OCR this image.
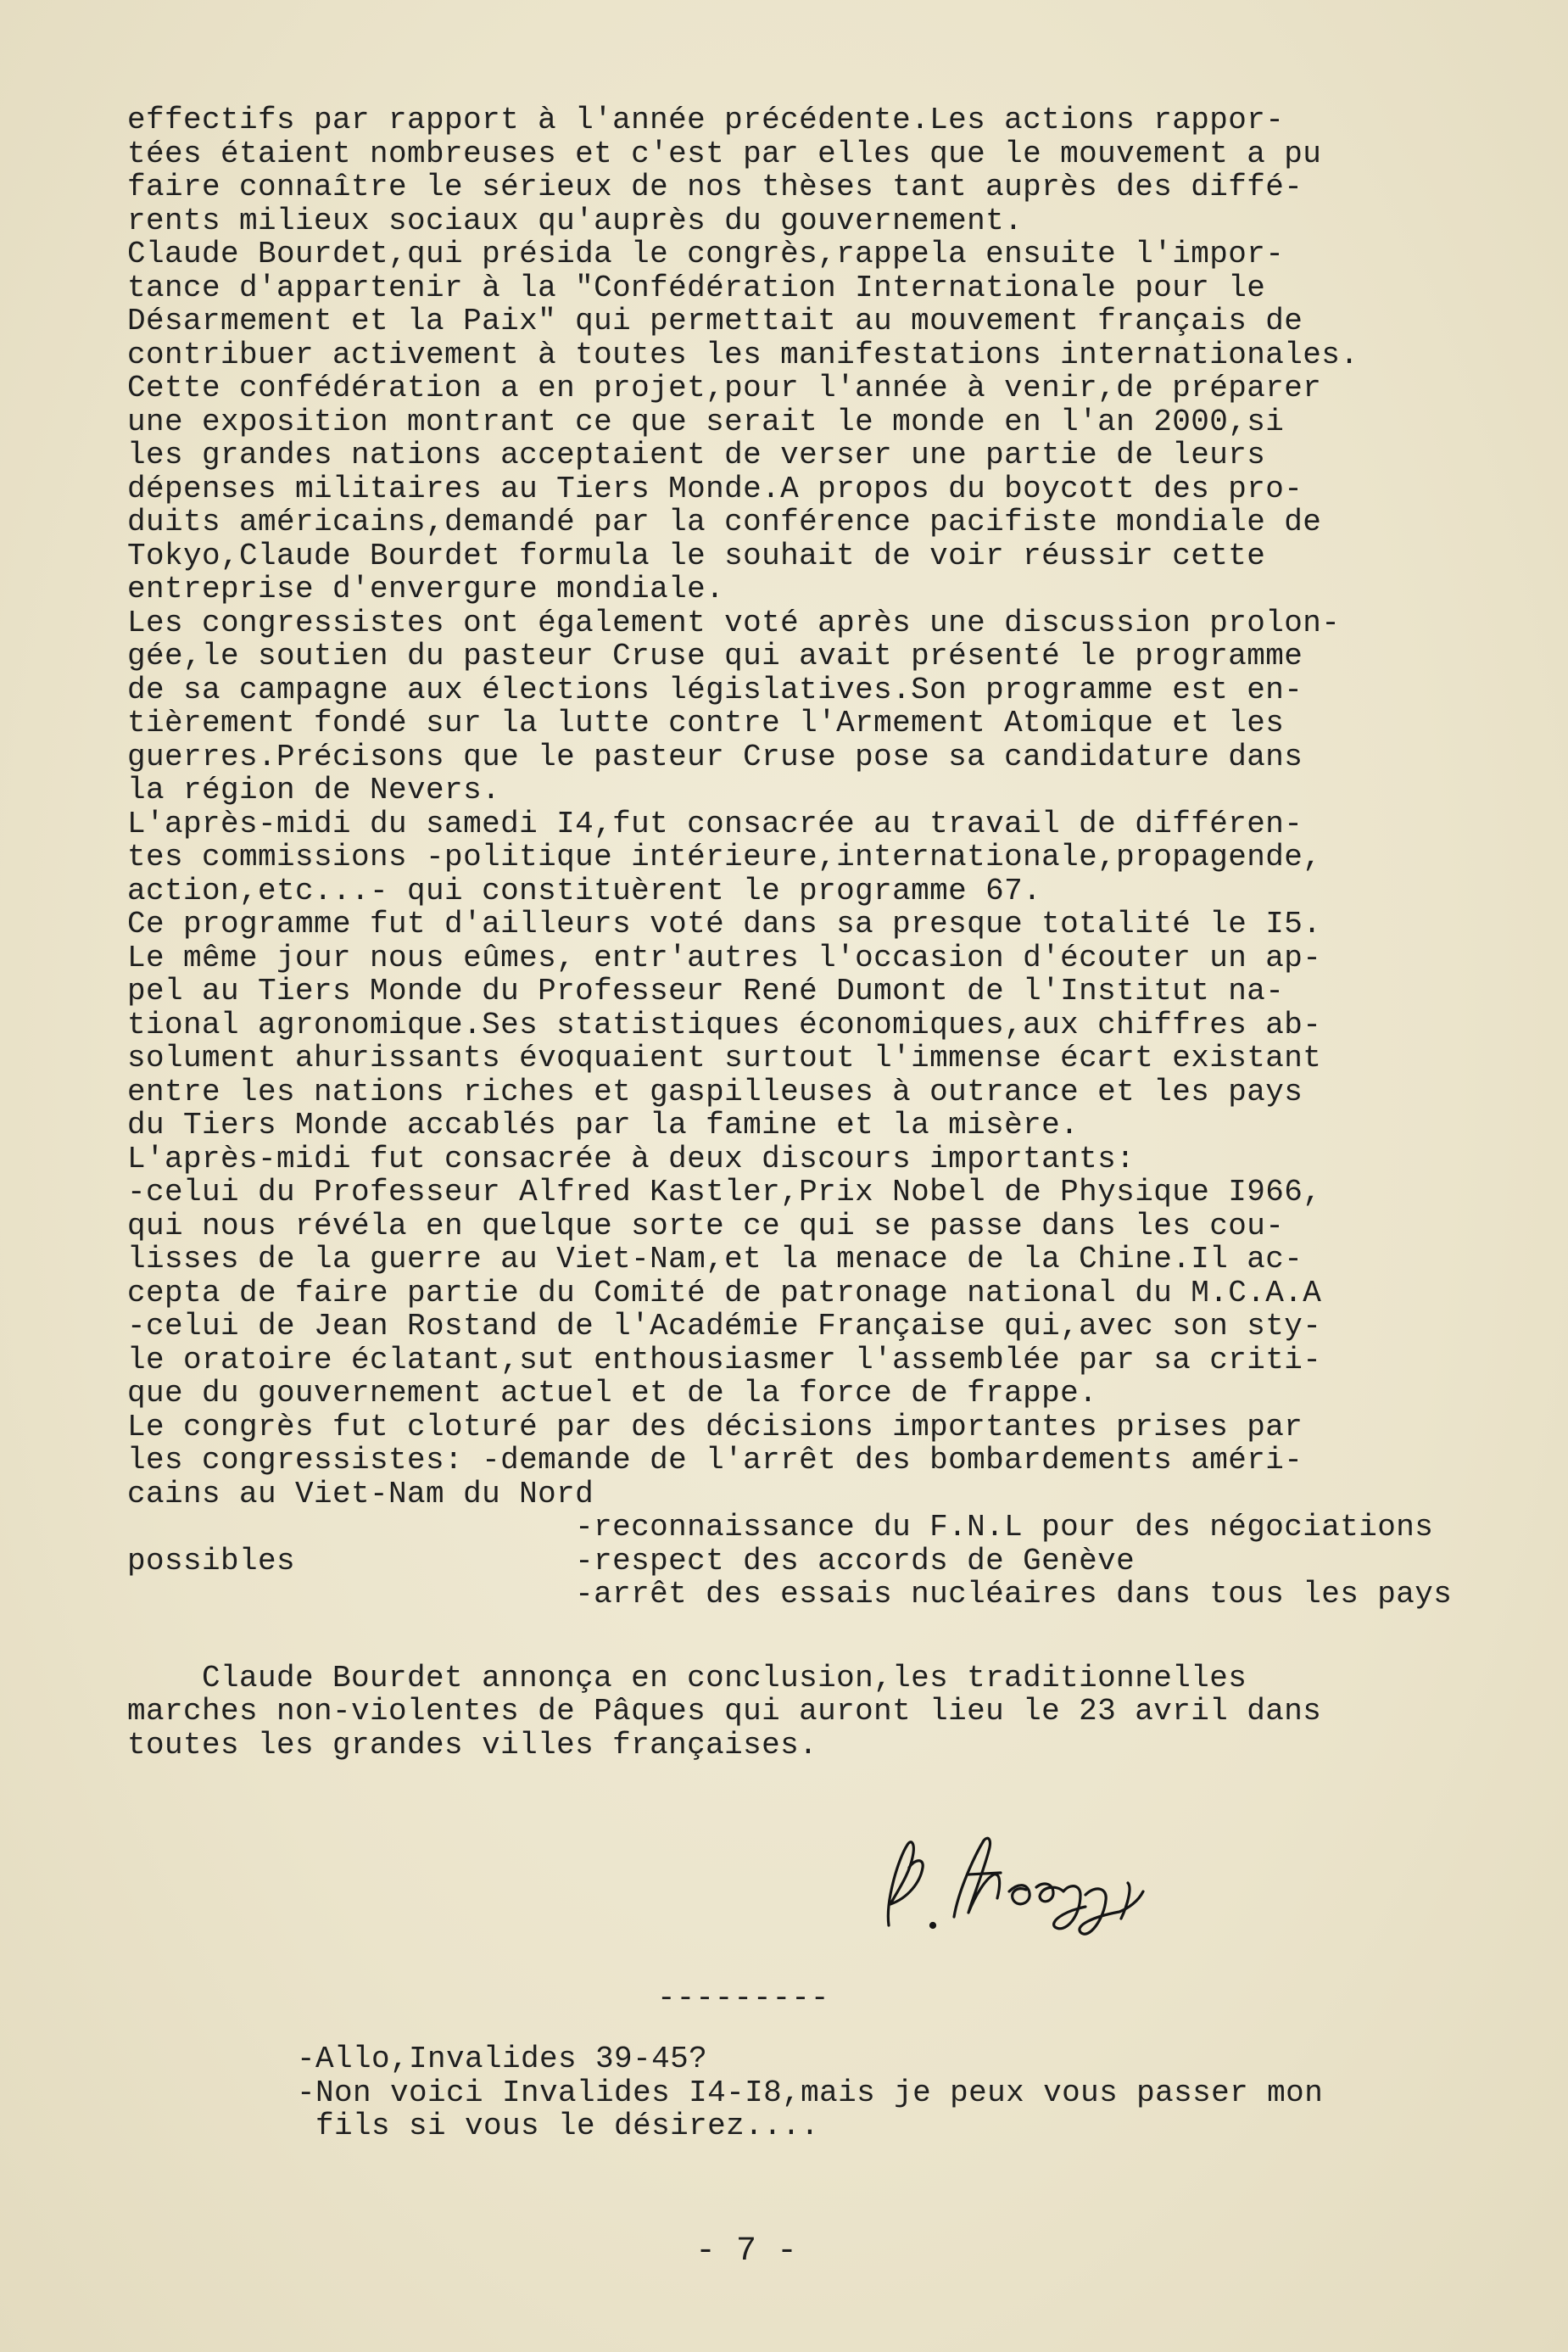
effectifs par rapport à l'année précédente.Les actions rappor-
tées étaient nombreuses et c'est par elles que le mouvement a pu
faire connaître le sérieux de nos thèses tant auprès des diffé-
rents milieux sociaux qu'auprès du gouvernement.
Claude Bourdet,qui présida le congrès,rappela ensuite l'impor-
tance d'appartenir à la "Confédération Internationale pour le
Désarmement et la Paix" qui permettait au mouvement français de
contribuer activement à toutes les manifestations internationales.
Cette confédération a en projet,pour l'année à venir,de préparer
une exposition montrant ce que serait le monde en l'an 2000,si
les grandes nations acceptaient de verser une partie de leurs
dépenses militaires au Tiers Monde.A propos du boycott des pro-
duits américains,demandé par la conférence pacifiste mondiale de
Tokyo,Claude Bourdet formula le souhait de voir réussir cette
entreprise d'envergure mondiale.
Les congressistes ont également voté après une discussion prolon-
gée,le soutien du pasteur Cruse qui avait présenté le programme
de sa campagne aux élections législatives.Son programme est en-
tièrement fondé sur la lutte contre l'Armement Atomique et les
guerres.Précisons que le pasteur Cruse pose sa candidature dans
la région de Nevers.
L'après-midi du samedi I4,fut consacrée au travail de différen-
tes commissions -politique intérieure,internationale,propagende,
action,etc...- qui constituèrent le programme 67.
Ce programme fut d'ailleurs voté dans sa presque totalité le I5.
Le même jour nous eûmes, entr'autres l'occasion d'écouter un ap-
pel au Tiers Monde du Professeur René Dumont de l'Institut na-
tional agronomique.Ses statistiques économiques,aux chiffres ab-
solument ahurissants évoquaient surtout l'immense écart existant
entre les nations riches et gaspilleuses à outrance et les pays
du Tiers Monde accablés par la famine et la misère.
L'après-midi fut consacrée à deux discours importants:
-celui du Professeur Alfred Kastler,Prix Nobel de Physique I966,
qui nous révéla en quelque sorte ce qui se passe dans les cou-
lisses de la guerre au Viet-Nam,et la menace de la Chine.Il ac-
cepta de faire partie du Comité de patronage national du M.C.A.A
-celui de Jean Rostand de l'Académie Française qui,avec son sty-
le oratoire éclatant,sut enthousiasmer l'assemblée par sa criti-
que du gouvernement actuel et de la force de frappe.
Le congrès fut cloturé par des décisions importantes prises par
les congressistes: -demande de l'arrêt des bombardements améri-
cains au Viet-Nam du Nord
-reconnaissance du F.N.L pour des négociations
possibles               -respect des accords de Genève
-arrêt des essais nucléaires dans tous les pays
Claude Bourdet annonça en conclusion,les traditionnelles
marches non-violentes de Pâques qui auront lieu le 23 avril dans
toutes les grandes villes françaises.
---------
-Allo,Invalides 39-45?
-Non voici Invalides I4-I8,mais je peux vous passer mon
fils si vous le désirez....
- 7 -
